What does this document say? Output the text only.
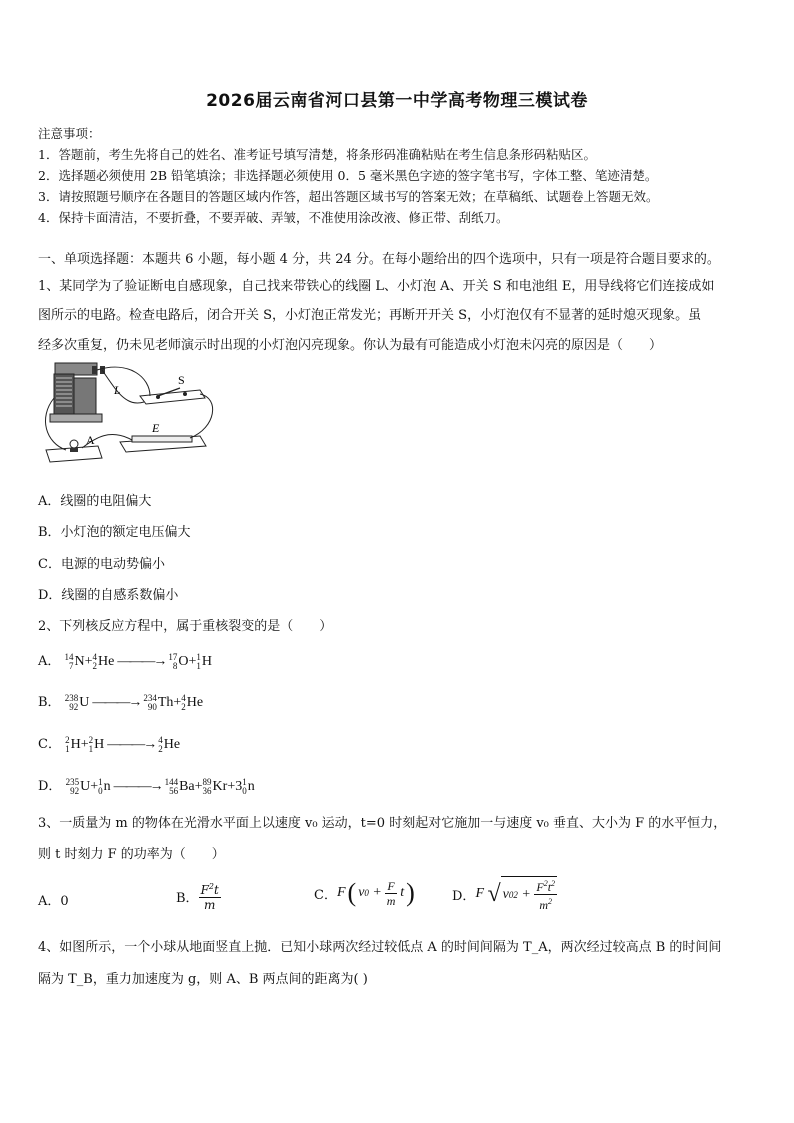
2026届云南省河口县第一中学高考物理三模试卷
注意事项：
1．答题前，考生先将自己的姓名、准考证号填写清楚，将条形码准确粘贴在考生信息条形码粘贴区。
2．选择题必须使用 2B 铅笔填涂；非选择题必须使用 0．5 毫米黑色字迹的签字笔书写，字体工整、笔迹清楚。
3．请按照题号顺序在各题目的答题区域内作答，超出答题区域书写的答案无效；在草稿纸、试题卷上答题无效。
4．保持卡面清洁，不要折叠，不要弄破、弄皱，不准使用涂改液、修正带、刮纸刀。
一、单项选择题：本题共 6 小题，每小题 4 分，共 24 分。在每小题给出的四个选项中，只有一项是符合题目要求的。
1、某同学为了验证断电自感现象，自己找来带铁心的线圈 L、小灯泡 A、开关 S 和电池组 E，用导线将它们连接成如
图所示的电路。检查电路后，闭合开关 S，小灯泡正常发光；再断开开关 S，小灯泡仅有不显著的延时熄灭现象。虽
经多次重复，仍未见老师演示时出现的小灯泡闪亮现象。你认为最有可能造成小灯泡未闪亮的原因是（　　）
L
S
E
A
A．线圈的电阻偏大
B．小灯泡的额定电压偏大
C．电源的电动势偏小
D．线圈的自感系数偏小
2、下列核反应方程中，属于重核裂变的是（　　）
A． 14
7 N+ 4
2 He ———→ 17
8 O+ 1
1 H
B． 238
92 U ———→ 234
90 Th+ 4
2 He
C． 2
1 H+ 2
1 H ———→ 4
2 He
D． 235
92 U+ 1
0 n ———→ 144
56 Ba+ 89
36 Kr+3 1
0 n
3、一质量为 m 的物体在光滑水平面上以速度 v₀ 运动，t=0 时刻起对它施加一与速度 v₀ 垂直、大小为 F 的水平恒力，
则 t 时刻力 F 的功率为（　　）
A．0	B． $\frac{F^2t}{m}$	C． F ( v $0 + \frac{F}{m}$ t )	D． F √ v 0 $2 + \frac{F^2t^2}{m^2}$
4、如图所示，一个小球从地面竖直上抛．已知小球两次经过较低点 A 的时间间隔为 T_A，两次经过较高点 B 的时间间
隔为 T_B，重力加速度为 g，则 A、B 两点间的距离为( )
